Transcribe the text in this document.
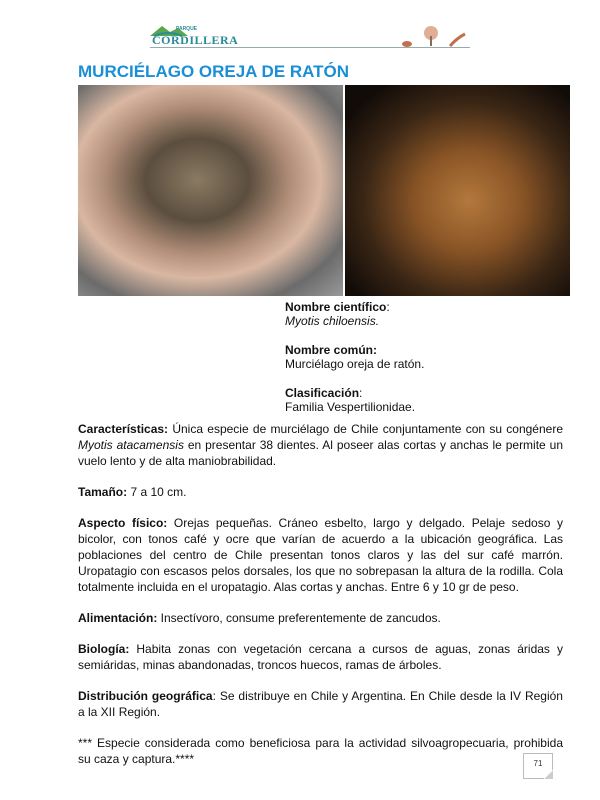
PARQUE
CORDILLERA
MURCIÉLAGO OREJA DE RATÓN
Nombre científico:
Myotis chiloensis.
Nombre común:
Murciélago oreja de ratón.
Clasificación:
Familia Vespertilionidae.

Características: Única especie de murciélago de Chile conjuntamente con su congénere Myotis atacamensis en presentar 38 dientes. Al poseer alas cortas y anchas le permite un vuelo lento y de alta maniobrabilidad.

Tamaño: 7 a 10 cm.

Aspecto físico: Orejas pequeñas. Cráneo esbelto, largo y delgado. Pelaje sedoso y bicolor, con tonos café y ocre que varían de acuerdo a la ubicación geográfica. Las poblaciones del centro de Chile presentan tonos claros y las del sur café marrón. Uropatagio con escasos pelos dorsales, los que no sobrepasan la altura de la rodilla. Cola totalmente incluida en el uropatagio. Alas cortas y anchas. Entre 6 y 10 gr de peso.

Alimentación: Insectívoro, consume preferentemente de zancudos.

Biología: Habita zonas con vegetación cercana a cursos de aguas, zonas áridas y semiáridas, minas abandonadas, troncos huecos, ramas de árboles.

Distribución geográfica: Se distribuye en Chile y Argentina. En Chile desde la IV Región a la XII Región.

*** Especie considerada como beneficiosa para la actividad silvoagropecuaria, prohibida su caza y captura.****	71
